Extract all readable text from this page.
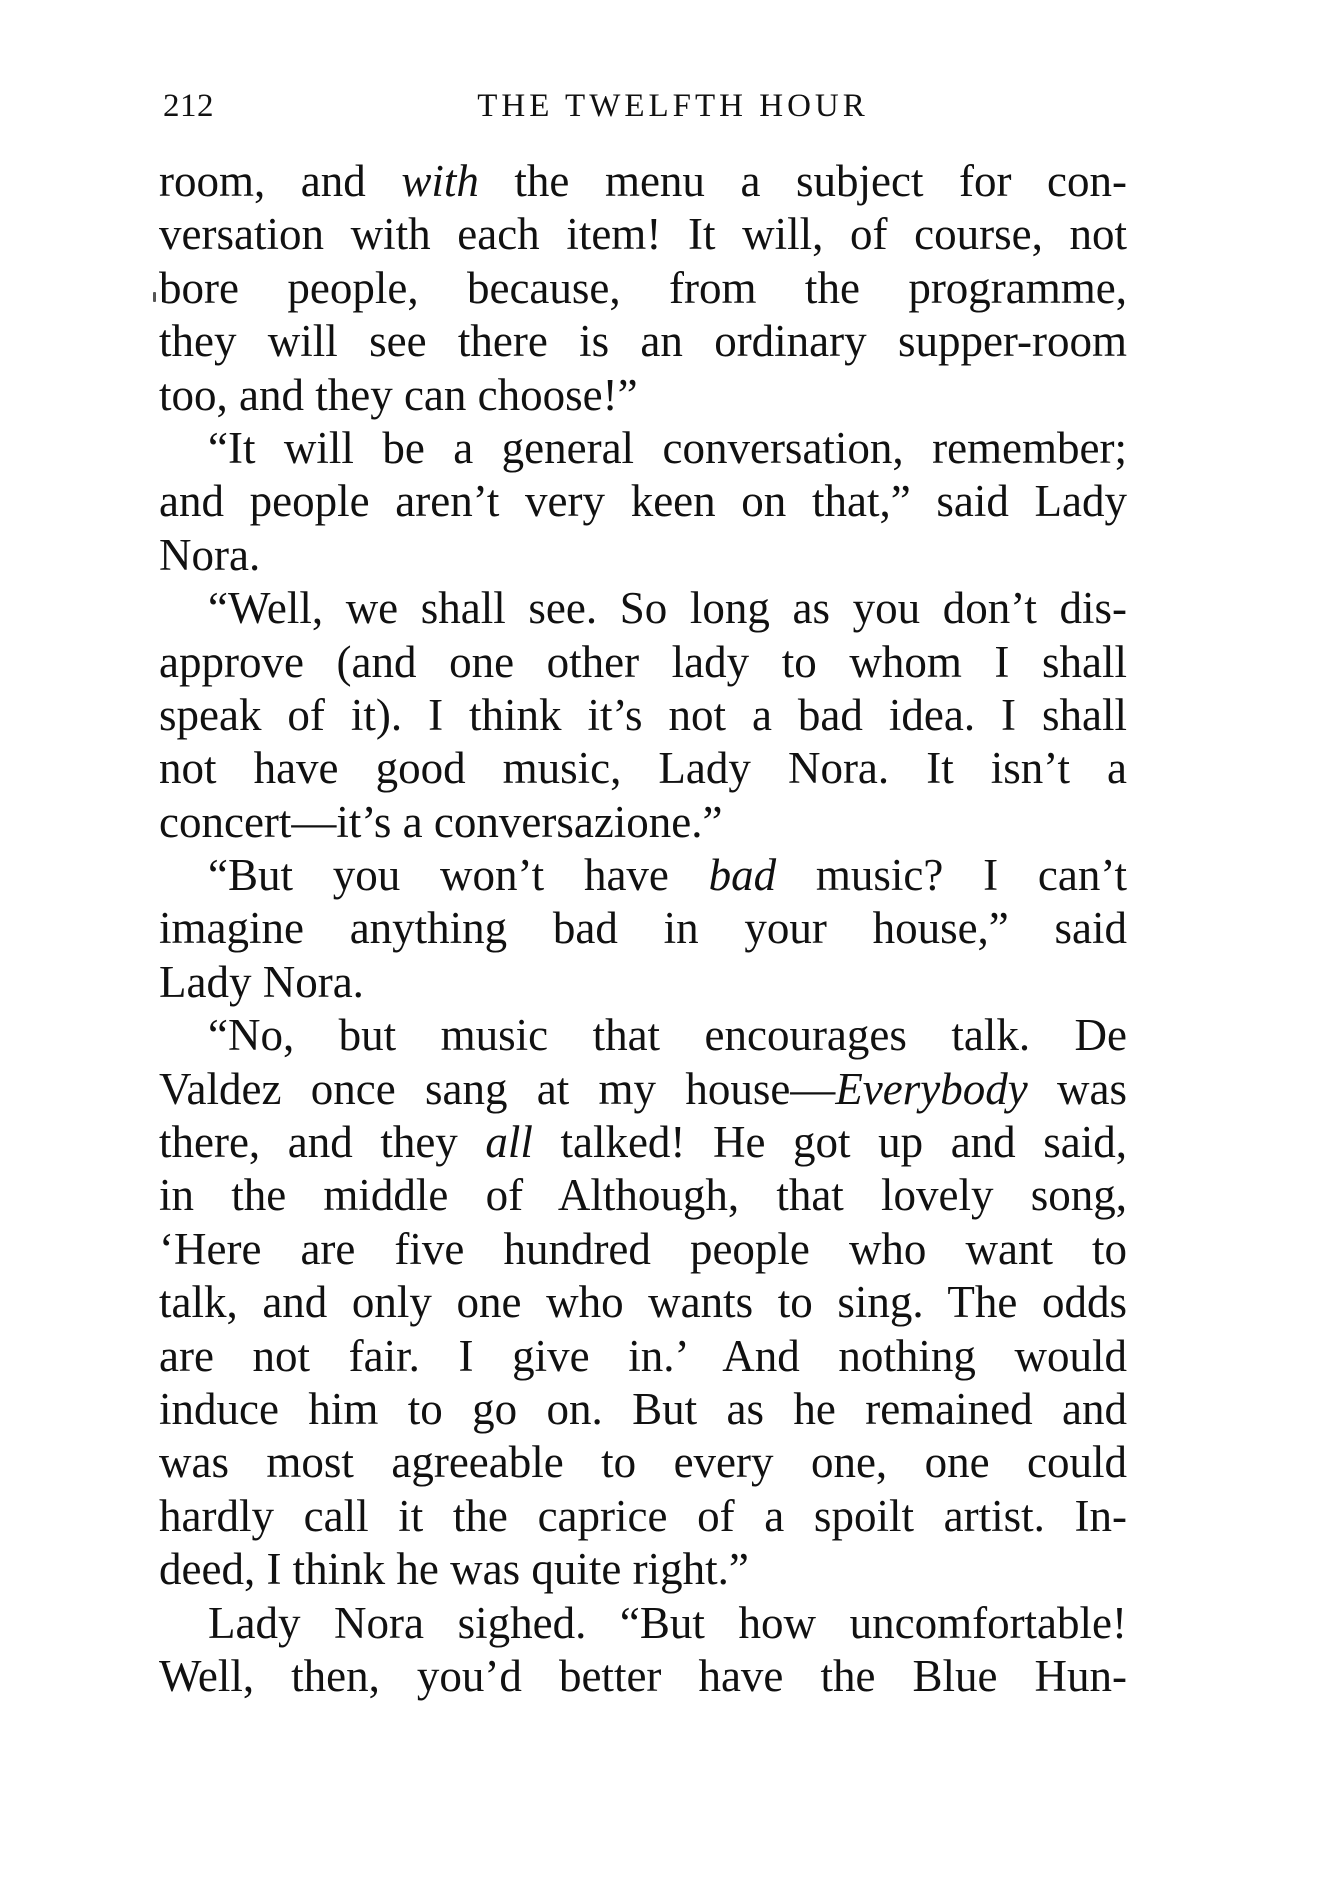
212	THE TWELFTH HOUR
room, and with the menu a subject for con-
versation with each item! It will, of course, not
bore people, because, from the programme,
they will see there is an ordinary supper-room
too, and they can choose!”
“It will be a general conversation, remember;
and people aren’t very keen on that,” said Lady
Nora.
“Well, we shall see. So long as you don’t dis-
approve (and one other lady to whom I shall
speak of it). I think it’s not a bad idea. I shall
not have good music, Lady Nora. It isn’t a
concert—it’s a conversazione.”
“But you won’t have bad music? I can’t
imagine anything bad in your house,” said
Lady Nora.
“No, but music that encourages talk. De
Valdez once sang at my house—Everybody was
there, and they all talked! He got up and said,
in the middle of Although, that lovely song,
‘Here are five hundred people who want to
talk, and only one who wants to sing. The odds
are not fair. I give in.’ And nothing would
induce him to go on. But as he remained and
was most agreeable to every one, one could
hardly call it the caprice of a spoilt artist. In-
deed, I think he was quite right.”
Lady Nora sighed. “But how uncomfortable!
Well, then, you’d better have the Blue Hun-
